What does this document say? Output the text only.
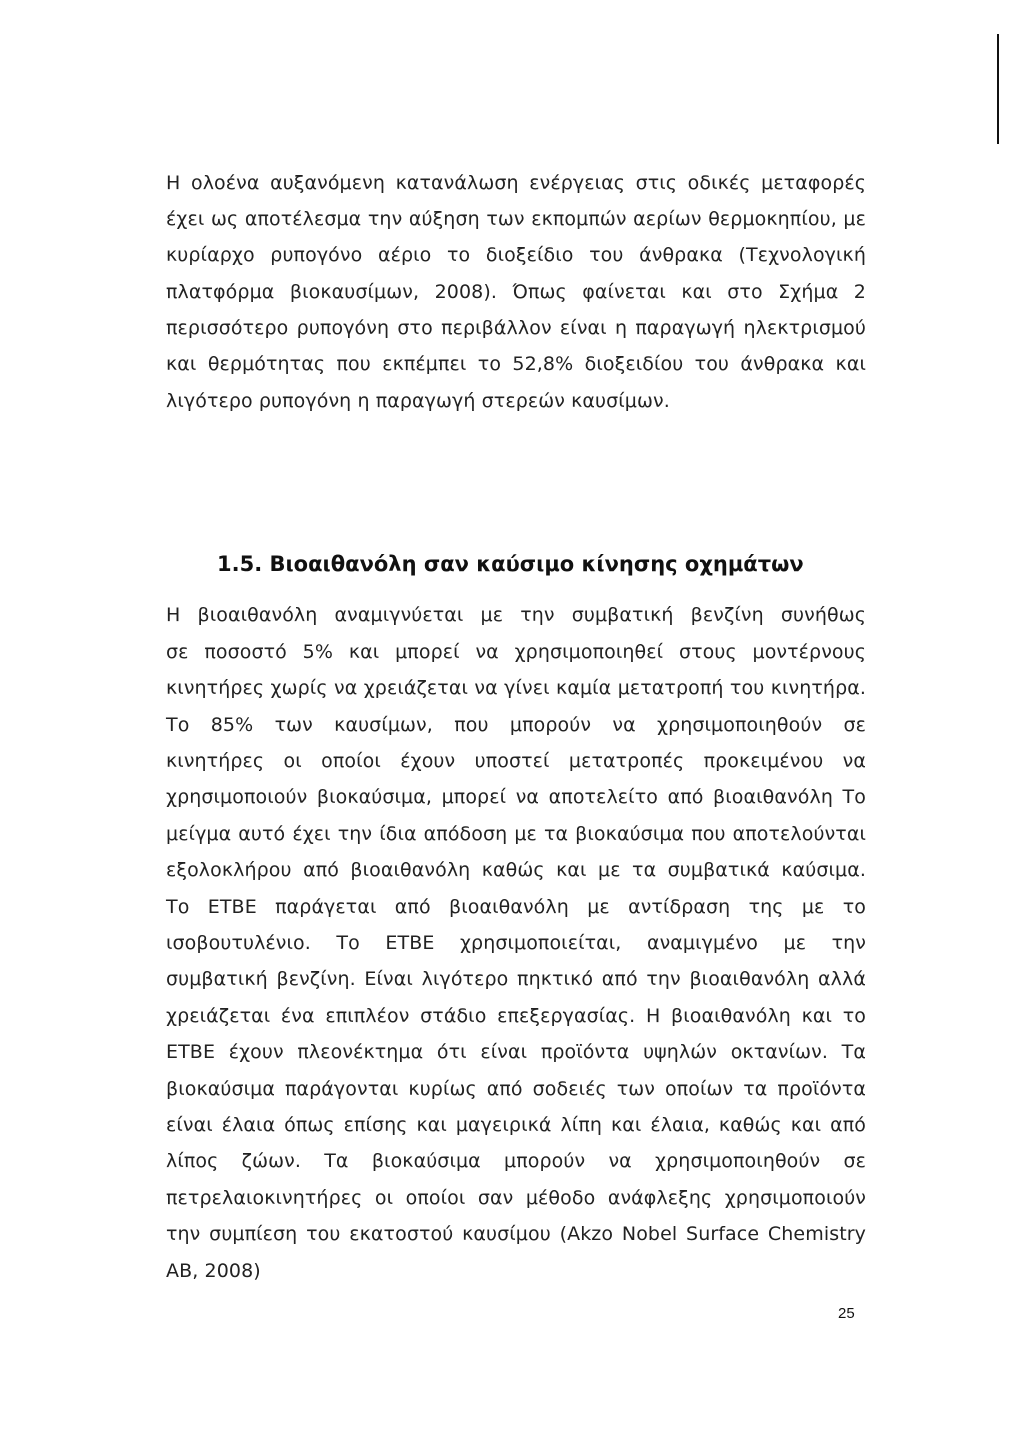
Η ολοένα αυξανόμενη κατανάλωση ενέργειας στις οδικές μεταφορές
έχει ως αποτέλεσμα την αύξηση των εκπομπών αερίων θερμοκηπίου, με
κυρίαρχο ρυπογόνο αέριο το διοξείδιο του άνθρακα (Τεχνολογική
πλατφόρμα βιοκαυσίμων, 2008). Όπως φαίνεται και στο Σχήμα 2
περισσότερο ρυπογόνη στο περιβάλλον είναι η παραγωγή ηλεκτρισμού
και θερμότητας που εκπέμπει το 52,8% διοξειδίου του άνθρακα και
λιγότερο ρυπογόνη η παραγωγή στερεών καυσίμων.
1.5. Βιοαιθανόλη σαν καύσιμο κίνησης οχημάτων
Η βιοαιθανόλη αναμιγνύεται με την συμβατική βενζίνη συνήθως
σε ποσοστό 5% και μπορεί να χρησιμοποιηθεί στους μοντέρνους
κινητήρες χωρίς να χρειάζεται να γίνει καμία μετατροπή του κινητήρα.
Το 85% των καυσίμων, που μπορούν να χρησιμοποιηθούν σε
κινητήρες οι οποίοι έχουν υποστεί μετατροπές προκειμένου να
χρησιμοποιούν βιοκαύσιμα, μπορεί να αποτελείτο από βιοαιθανόλη Το
μείγμα αυτό έχει την ίδια απόδοση με τα βιοκαύσιμα που αποτελούνται
εξολοκλήρου από βιοαιθανόλη καθώς και με τα συμβατικά καύσιμα.
Το ΕΤΒΕ παράγεται από βιοαιθανόλη με αντίδραση της με το
ισοβουτυλένιο. Το ΕΤΒΕ χρησιμοποιείται, αναμιγμένο με την
συμβατική βενζίνη. Είναι λιγότερο πηκτικό από την βιοαιθανόλη αλλά
χρειάζεται ένα επιπλέον στάδιο επεξεργασίας. Η βιοαιθανόλη και το
ΕΤΒΕ έχουν πλεονέκτημα ότι είναι προϊόντα υψηλών οκτανίων. Τα
βιοκαύσιμα παράγονται κυρίως από σοδειές των οποίων τα προϊόντα
είναι έλαια όπως επίσης και μαγειρικά λίπη και έλαια, καθώς και από
λίπος ζώων. Τα βιοκαύσιμα μπορούν να χρησιμοποιηθούν σε
πετρελαιοκινητήρες οι οποίοι σαν μέθοδο ανάφλεξης χρησιμοποιούν
την συμπίεση του εκατοστού καυσίμου (Akzo Nobel Surface Chemistry
AB, 2008)
25
